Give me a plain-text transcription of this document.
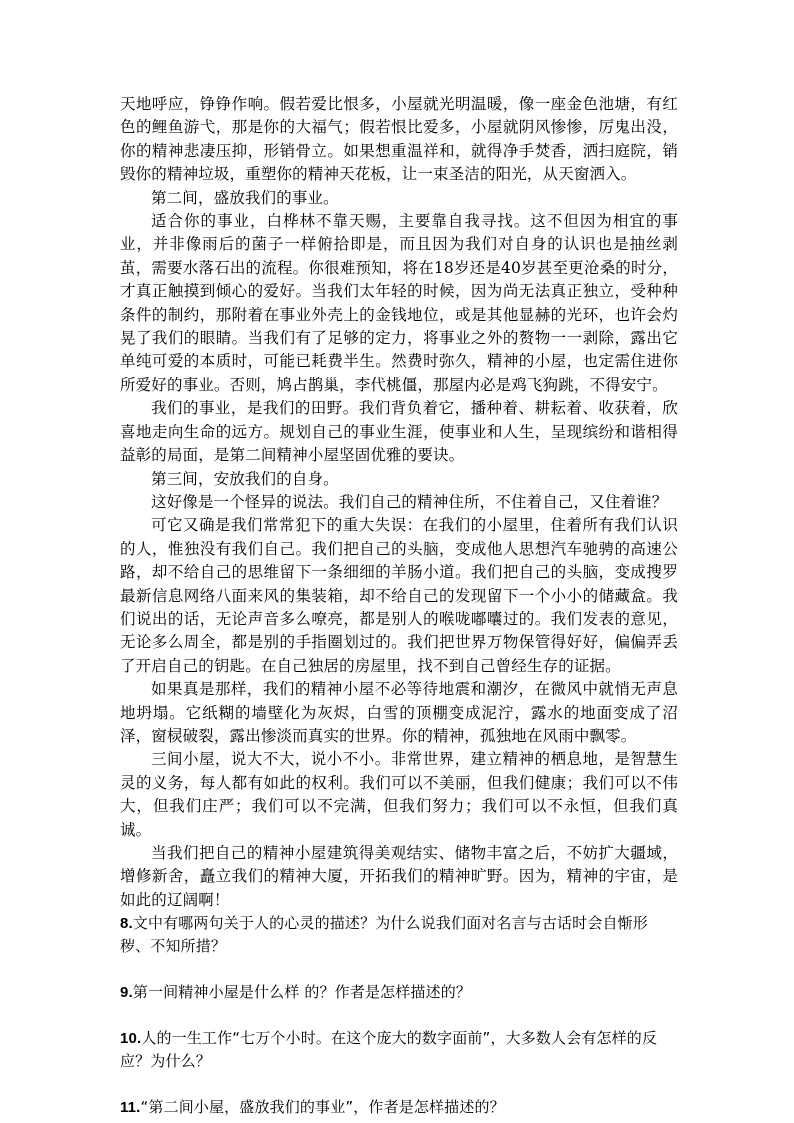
天地呼应，铮铮作响。假若爱比恨多，小屋就光明温暖，像一座金色池塘，有红色的鲤鱼游弋，那是你的大福气；假若恨比爱多，小屋就阴风惨惨，厉鬼出没，你的精神悲凄压抑，形销骨立。如果想重温祥和，就得净手焚香，洒扫庭院，销毁你的精神垃圾，重塑你的精神天花板，让一束圣洁的阳光，从天窗洒入。

第二间，盛放我们的事业。

适合你的事业，白桦林不靠天赐，主要靠自我寻找。这不但因为相宜的事业，并非像雨后的菌子一样俯拾即是，而且因为我们对自身的认识也是抽丝剥茧，需要水落石出的流程。你很难预知，将在18岁还是40岁甚至更沧桑的时分，才真正触摸到倾心的爱好。当我们太年轻的时候，因为尚无法真正独立，受种种条件的制约，那附着在事业外壳上的金钱地位，或是其他显赫的光环，也许会灼晃了我们的眼睛。当我们有了足够的定力，将事业之外的赘物一一剥除，露出它单纯可爱的本质时，可能已耗费半生。然费时弥久，精神的小屋，也定需住进你所爱好的事业。否则，鸠占鹊巢，李代桃僵，那屋内必是鸡飞狗跳，不得安宁。

我们的事业，是我们的田野。我们背负着它，播种着、耕耘着、收获着，欣喜地走向生命的远方。规划自己的事业生涯，使事业和人生，呈现缤纷和谐相得益彰的局面，是第二间精神小屋坚固优雅的要诀。

第三间，安放我们的自身。

这好像是一个怪异的说法。我们自己的精神住所，不住着自己，又住着谁？

可它又确是我们常常犯下的重大失误：在我们的小屋里，住着所有我们认识的人，惟独没有我们自己。我们把自己的头脑，变成他人思想汽车驰骋的高速公路，却不给自己的思维留下一条细细的羊肠小道。我们把自己的头脑，变成搜罗最新信息网络八面来风的集装箱，却不给自己的发现留下一个小小的储藏盒。我们说出的话，无论声音多么嘹亮，都是别人的喉咙嘟囔过的。我们发表的意见，无论多么周全，都是别的手指圈划过的。我们把世界万物保管得好好，偏偏弄丢了开启自己的钥匙。在自己独居的房屋里，找不到自己曾经生存的证据。

如果真是那样，我们的精神小屋不必等待地震和潮汐，在微风中就悄无声息地坍塌。它纸糊的墙壁化为灰烬，白雪的顶棚变成泥泞，露水的地面变成了沼泽，窗棂破裂，露出惨淡而真实的世界。你的精神，孤独地在风雨中飘零。

三间小屋，说大不大，说小不小。非常世界，建立精神的栖息地，是智慧生灵的义务，每人都有如此的权利。我们可以不美丽，但我们健康；我们可以不伟大，但我们庄严；我们可以不完满，但我们努力；我们可以不永恒，但我们真诚。

当我们把自己的精神小屋建筑得美观结实、储物丰富之后，不妨扩大疆域，增修新舍，矗立我们的精神大厦，开拓我们的精神旷野。因为，精神的宇宙，是如此的辽阔啊！

8.文中有哪两句关于人的心灵的描述？为什么说我们面对名言与古话时会自惭形秽、不知所措？

9.第一间精神小屋是什么样 的？作者是怎样描述的？

10.人的一生工作“七万个小时。在这个庞大的数字面前”，大多数人会有怎样的反应？为什么？

11.“第二间小屋，盛放我们的事业”，作者是怎样描述的？
